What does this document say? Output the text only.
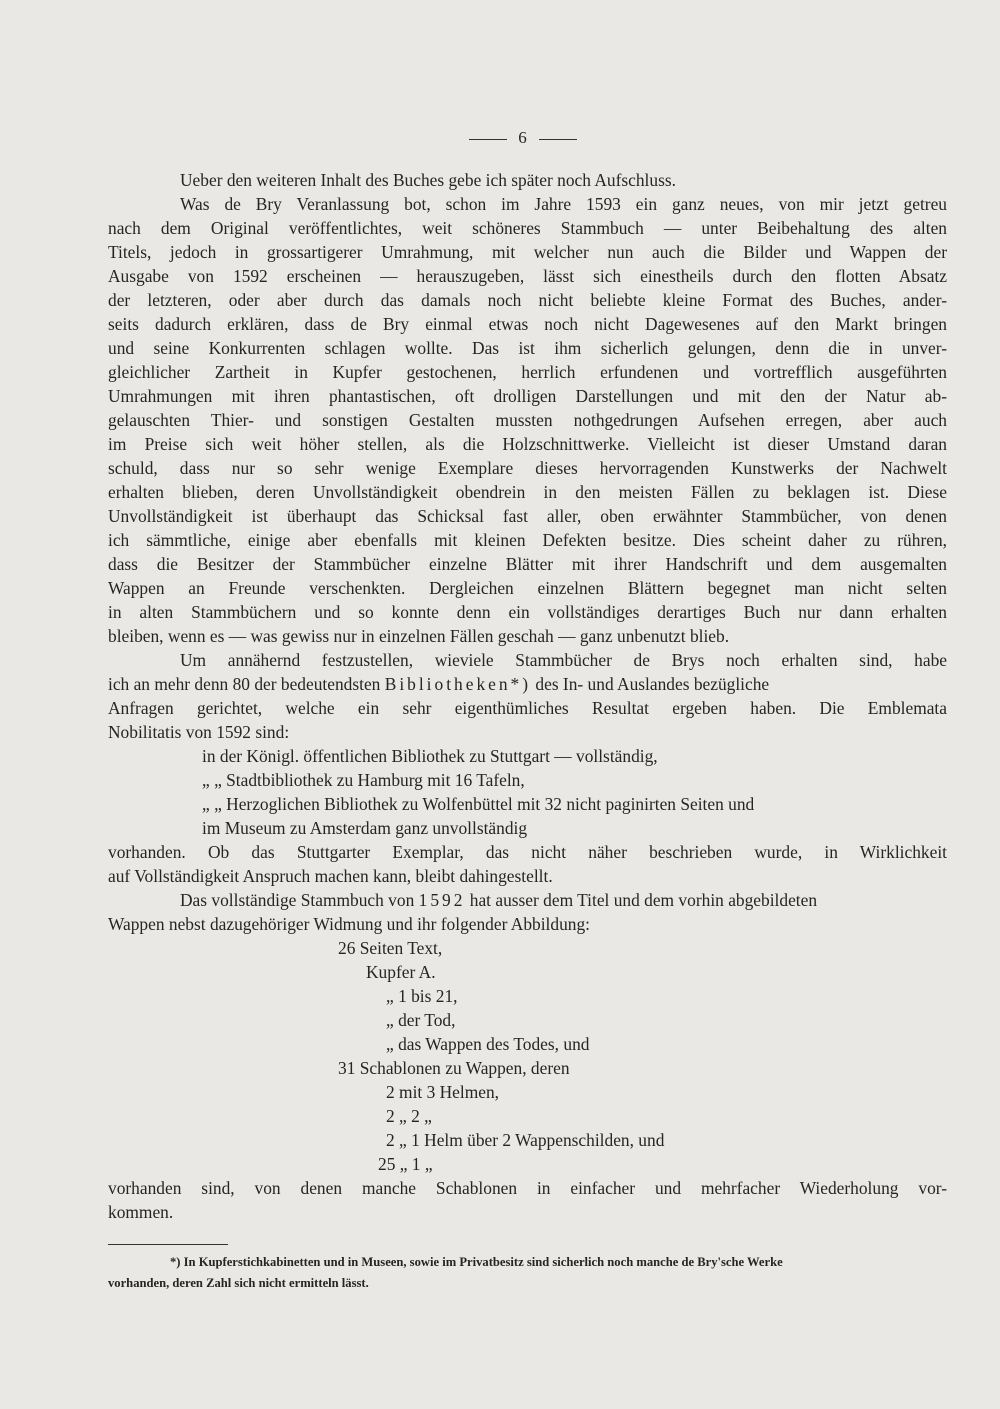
6
Ueber den weiteren Inhalt des Buches gebe ich später noch Aufschluss.
Was de Bry Veranlassung bot, schon im Jahre 1593 ein ganz neues, von mir jetzt getreu
nach dem Original veröffentlichtes, weit schöneres Stammbuch — unter Beibehaltung des alten
Titels, jedoch in grossartigerer Umrahmung, mit welcher nun auch die Bilder und Wappen der
Ausgabe von 1592 erscheinen — herauszugeben, lässt sich einestheils durch den flotten Absatz
der letzteren, oder aber durch das damals noch nicht beliebte kleine Format des Buches, ander-
seits dadurch erklären, dass de Bry einmal etwas noch nicht Dagewesenes auf den Markt bringen
und seine Konkurrenten schlagen wollte. Das ist ihm sicherlich gelungen, denn die in unver-
gleichlicher Zartheit in Kupfer gestochenen, herrlich erfundenen und vortrefflich ausgeführten
Umrahmungen mit ihren phantastischen, oft drolligen Darstellungen und mit den der Natur ab-
gelauschten Thier- und sonstigen Gestalten mussten nothgedrungen Aufsehen erregen, aber auch
im Preise sich weit höher stellen, als die Holzschnittwerke. Vielleicht ist dieser Umstand daran
schuld, dass nur so sehr wenige Exemplare dieses hervorragenden Kunstwerks der Nachwelt
erhalten blieben, deren Unvollständigkeit obendrein in den meisten Fällen zu beklagen ist. Diese
Unvollständigkeit ist überhaupt das Schicksal fast aller, oben erwähnter Stammbücher, von denen
ich sämmtliche, einige aber ebenfalls mit kleinen Defekten besitze. Dies scheint daher zu rühren,
dass die Besitzer der Stammbücher einzelne Blätter mit ihrer Handschrift und dem ausgemalten
Wappen an Freunde verschenkten. Dergleichen einzelnen Blättern begegnet man nicht selten
in alten Stammbüchern und so konnte denn ein vollständiges derartiges Buch nur dann erhalten
bleiben, wenn es — was gewiss nur in einzelnen Fällen geschah — ganz unbenutzt blieb.
Um annähernd festzustellen, wieviele Stammbücher de Brys noch erhalten sind, habe
ich an mehr denn 80 der bedeutendsten Bibliotheken*) des In- und Auslandes bezügliche
Anfragen gerichtet, welche ein sehr eigenthümliches Resultat ergeben haben. Die Emblemata
Nobilitatis von 1592 sind:
in der Königl. öffentlichen Bibliothek zu Stuttgart — vollständig,
„ „ Stadtbibliothek zu Hamburg mit 16 Tafeln,
„ „ Herzoglichen Bibliothek zu Wolfenbüttel mit 32 nicht paginirten Seiten und
im Museum zu Amsterdam ganz unvollständig
vorhanden. Ob das Stuttgarter Exemplar, das nicht näher beschrieben wurde, in Wirklichkeit
auf Vollständigkeit Anspruch machen kann, bleibt dahingestellt.
Das vollständige Stammbuch von 1592 hat ausser dem Titel und dem vorhin abgebildeten
Wappen nebst dazugehöriger Widmung und ihr folgender Abbildung:
26 Seiten Text,
Kupfer A.
„ 1 bis 21,
„ der Tod,
„ das Wappen des Todes, und
31 Schablonen zu Wappen, deren
2 mit 3 Helmen,
2 „ 2 „
2 „ 1 Helm über 2 Wappenschilden, und
25 „ 1 „
vorhanden sind, von denen manche Schablonen in einfacher und mehrfacher Wiederholung vor-
kommen.
*) In Kupferstichkabinetten und in Museen, sowie im Privatbesitz sind sicherlich noch manche de Bry'sche Werke
vorhanden, deren Zahl sich nicht ermitteln lässt.
